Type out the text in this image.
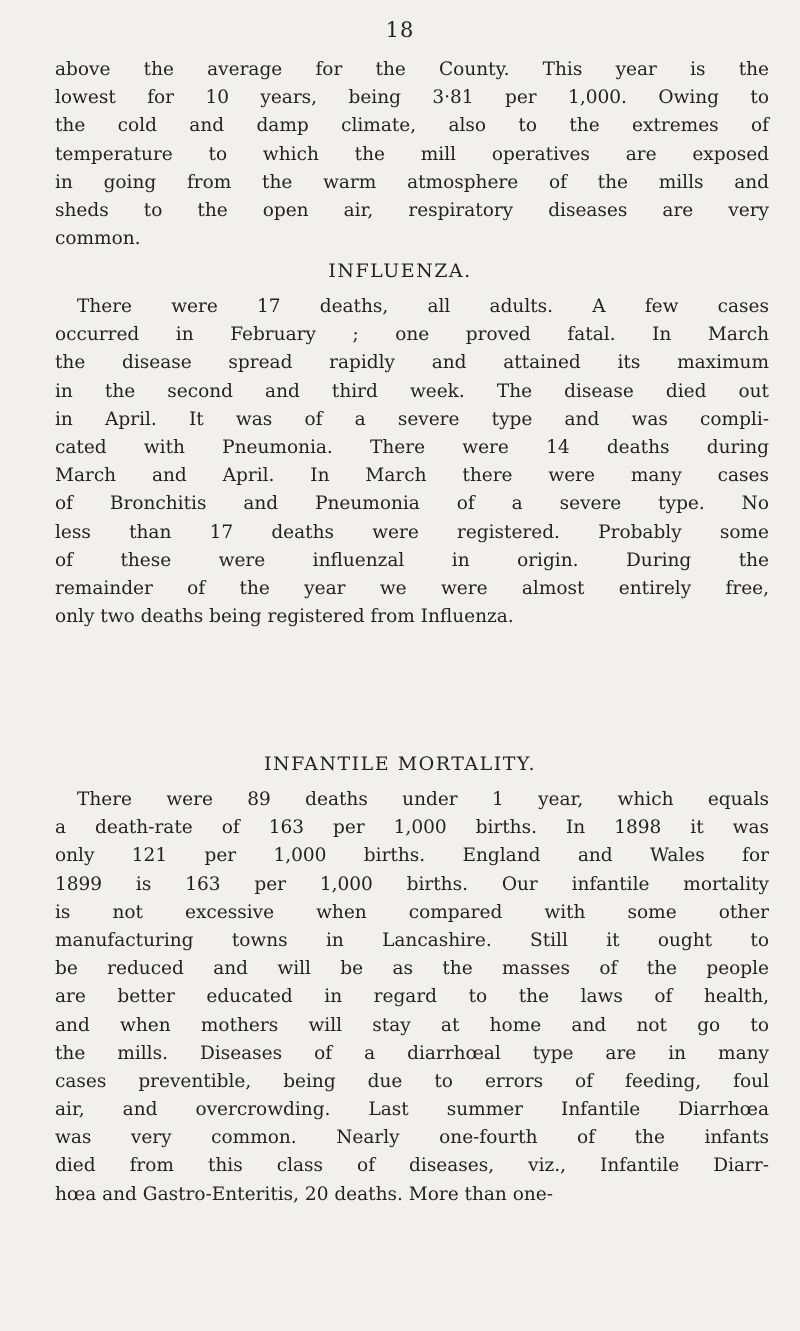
18
above the average for the County. This year is the
lowest for 10 years, being 3·81 per 1,000. Owing to
the cold and damp climate, also to the extremes of
temperature to which the mill operatives are exposed
in going from the warm atmosphere of the mills and
sheds to the open air, respiratory diseases are very
common.
INFLUENZA.
There were 17 deaths, all adults. A few cases
occurred in February ; one proved fatal. In March
the disease spread rapidly and attained its maximum
in the second and third week. The disease died out
in April. It was of a severe type and was compli-
cated with Pneumonia. There were 14 deaths during
March and April. In March there were many cases
of Bronchitis and Pneumonia of a severe type. No
less than 17 deaths were registered. Probably some
of these were influenzal in origin. During the
remainder of the year we were almost entirely free,
only two deaths being registered from Influenza.
INFANTILE MORTALITY.
There were 89 deaths under 1 year, which equals
a death-rate of 163 per 1,000 births. In 1898 it was
only 121 per 1,000 births. England and Wales for
1899 is 163 per 1,000 births. Our infantile mortality
is not excessive when compared with some other
manufacturing towns in Lancashire. Still it ought to
be reduced and will be as the masses of the people
are better educated in regard to the laws of health,
and when mothers will stay at home and not go to
the mills. Diseases of a diarrhœal type are in many
cases preventible, being due to errors of feeding, foul
air, and overcrowding. Last summer Infantile Diarrhœa
was very common. Nearly one-fourth of the infants
died from this class of diseases, viz., Infantile Diarr-
hœa and Gastro-Enteritis, 20 deaths. More than one-
